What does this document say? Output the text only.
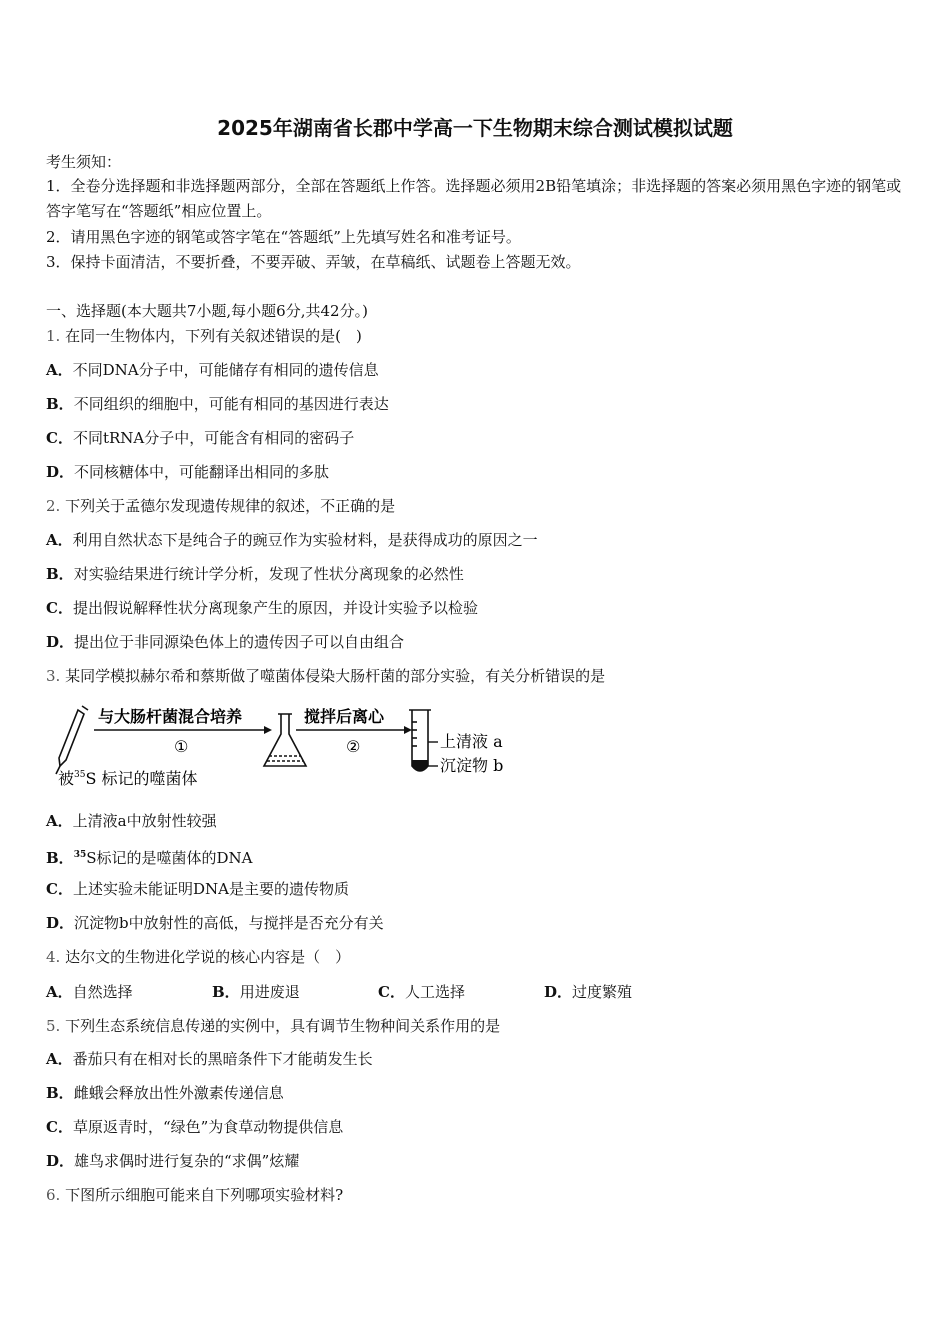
2025年湖南省长郡中学高一下生物期末综合测试模拟试题
考生须知：
1．全卷分选择题和非选择题两部分，全部在答题纸上作答。选择题必须用2B铅笔填涂；非选择题的答案必须用黑色字迹的钢笔或答字笔写在“答题纸”相应位置上。
2．请用黑色字迹的钢笔或答字笔在“答题纸”上先填写姓名和准考证号。
3．保持卡面清洁，不要折叠，不要弄破、弄皱，在草稿纸、试题卷上答题无效。
一、选择题(本大题共7小题,每小题6分,共42分。)
1. 在同一生物体内，下列有关叙述错误的是(　)
A．不同DNA分子中，可能储存有相同的遗传信息
B．不同组织的细胞中，可能有相同的基因进行表达
C．不同tRNA分子中，可能含有相同的密码子
D．不同核糖体中，可能翻译出相同的多肽
2. 下列关于孟德尔发现遗传规律的叙述，不正确的是
A．利用自然状态下是纯合子的豌豆作为实验材料，是获得成功的原因之一
B．对实验结果进行统计学分析，发现了性状分离现象的必然性
C．提出假说解释性状分离现象产生的原因，并设计实验予以检验
D．提出位于非同源染色体上的遗传因子可以自由组合
3. 某同学模拟赫尔希和蔡斯做了噬菌体侵染大肠杆菌的部分实验，有关分析错误的是
与大肠杆菌混合培养
①
搅拌后离心
②	上清液 a
沉淀物 b
被$^{35}$S 标记的噬菌体
A．上清液a中放射性较强
B．$^{35}$S标记的是噬菌体的DNA
C．上述实验未能证明DNA是主要的遗传物质
D．沉淀物b中放射性的高低，与搅拌是否充分有关
4. 达尔文的生物进化学说的核心内容是（　）
A．自然选择	B．用进废退	C．人工选择	D．过度繁殖
5. 下列生态系统信息传递的实例中，具有调节生物种间关系作用的是
A．番茄只有在相对长的黑暗条件下才能萌发生长
B．雌蛾会释放出性外激素传递信息
C．草原返青时，“绿色”为食草动物提供信息
D．雄鸟求偶时进行复杂的“求偶”炫耀
6. 下图所示细胞可能来自下列哪项实验材料?
